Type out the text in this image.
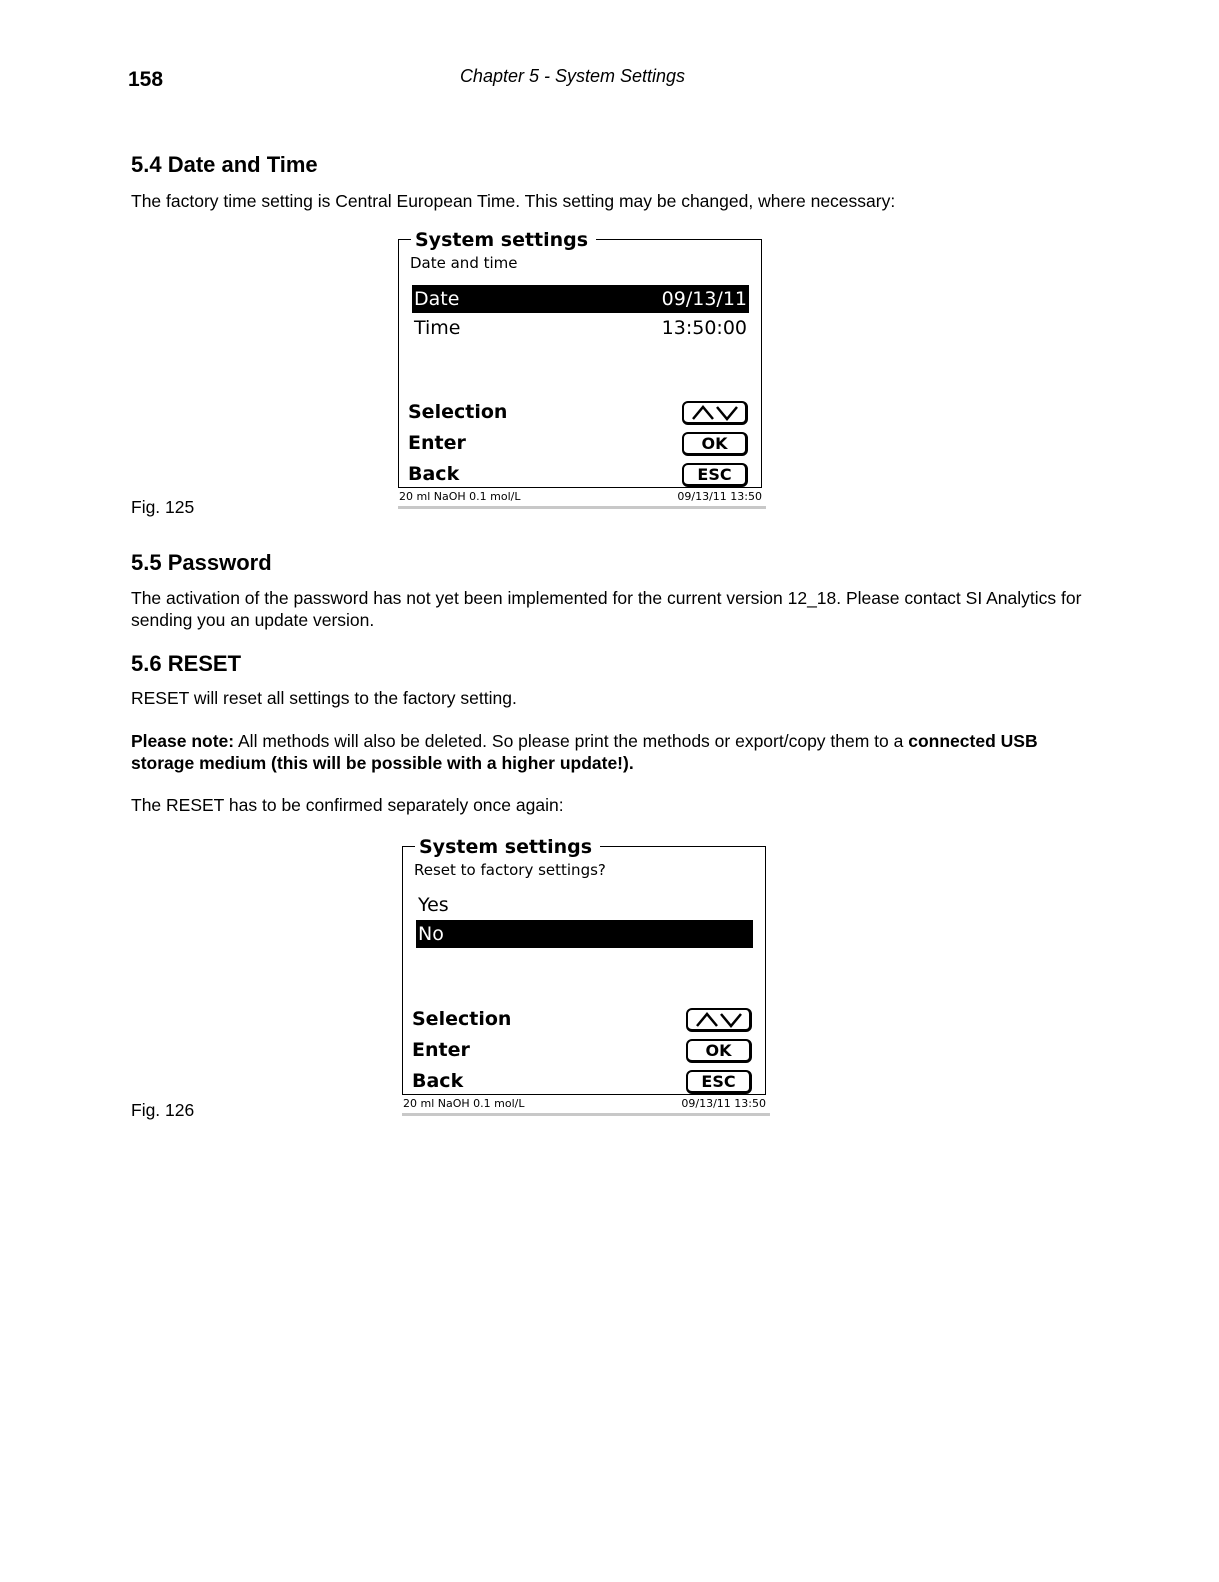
158	Chapter 5 - System Settings
5.4 Date and Time

The factory time setting is Central European Time. This setting may be changed, where necessary:

System settings
Date and time
Date	09/13/11
Time	13:50:00
Selection
Enter	OK
Back	ESC
20 ml NaOH 0.1 mol/L	09/13/11 13:50
Fig. 125
5.5 Password

The activation of the password has not yet been implemented for the current version 12_18. Please contact SI Analytics for sending you an update version.

5.6 RESET

RESET will reset all settings to the factory setting.

Please note: All methods will also be deleted. So please print the methods or export/copy them to a connected USB storage medium (this will be possible with a higher update!).

The RESET has to be confirmed separately once again:

System settings
Reset to factory settings?
Yes
No
Selection
Enter	OK
Back	ESC
20 ml NaOH 0.1 mol/L	09/13/11 13:50
Fig. 126
